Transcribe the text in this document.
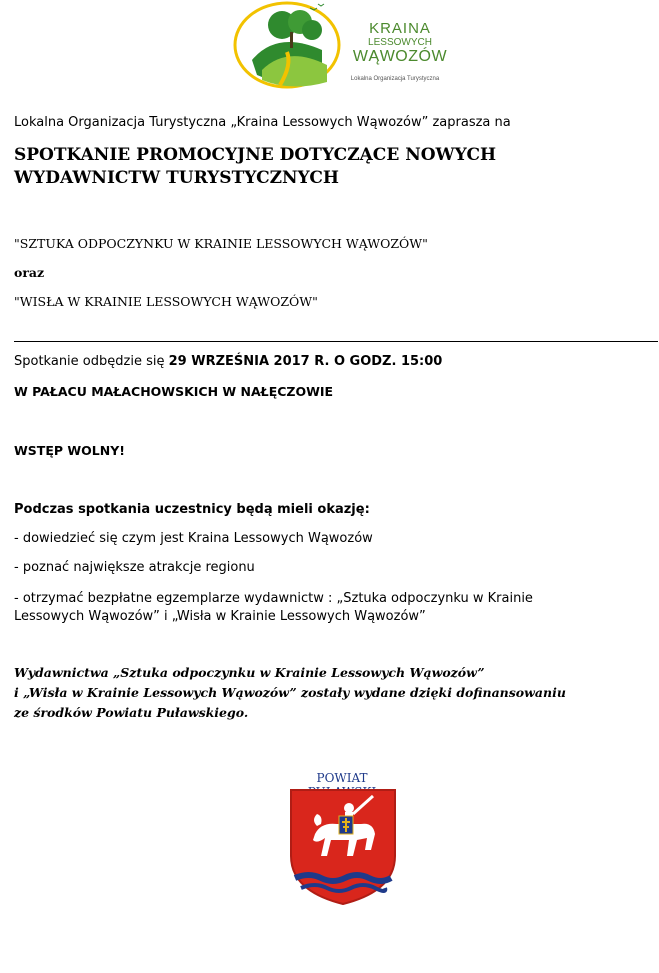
KRAINA
LESSOWYCH
WĄWOZÓW
Lokalna Organizacja Turystyczna
Lokalna Organizacja Turystyczna „Kraina Lessowych Wąwozów” zaprasza na
SPOTKANIE PROMOCYJNE DOTYCZĄCE NOWYCH
WYDAWNICTW TURYSTYCZNYCH
"SZTUKA ODPOCZYNKU W KRAINIE LESSOWYCH WĄWOZÓW"
oraz
"WISŁA W KRAINIE LESSOWYCH WĄWOZÓW"
Spotkanie odbędzie się 29 WRZEŚNIA 2017 R. O GODZ. 15:00
W PAŁACU MAŁACHOWSKICH W NAŁĘCZOWIE
WSTĘP WOLNY!
Podczas spotkania uczestnicy będą mieli okazję:
- dowiedzieć się czym jest Kraina Lessowych Wąwozów
- poznać największe atrakcje regionu
- otrzymać bezpłatne egzemplarze wydawnictw : „Sztuka odpoczynku w Krainie
Lessowych Wąwozów” i „Wisła w Krainie Lessowych Wąwozów”
Wydawnictwa „Sztuka odpoczynku w Krainie Lessowych Wąwozów”
i „Wisła w Krainie Lessowych Wąwozów” zostały wydane dzięki dofinansowaniu
ze środków Powiatu Puławskiego.
POWIAT
